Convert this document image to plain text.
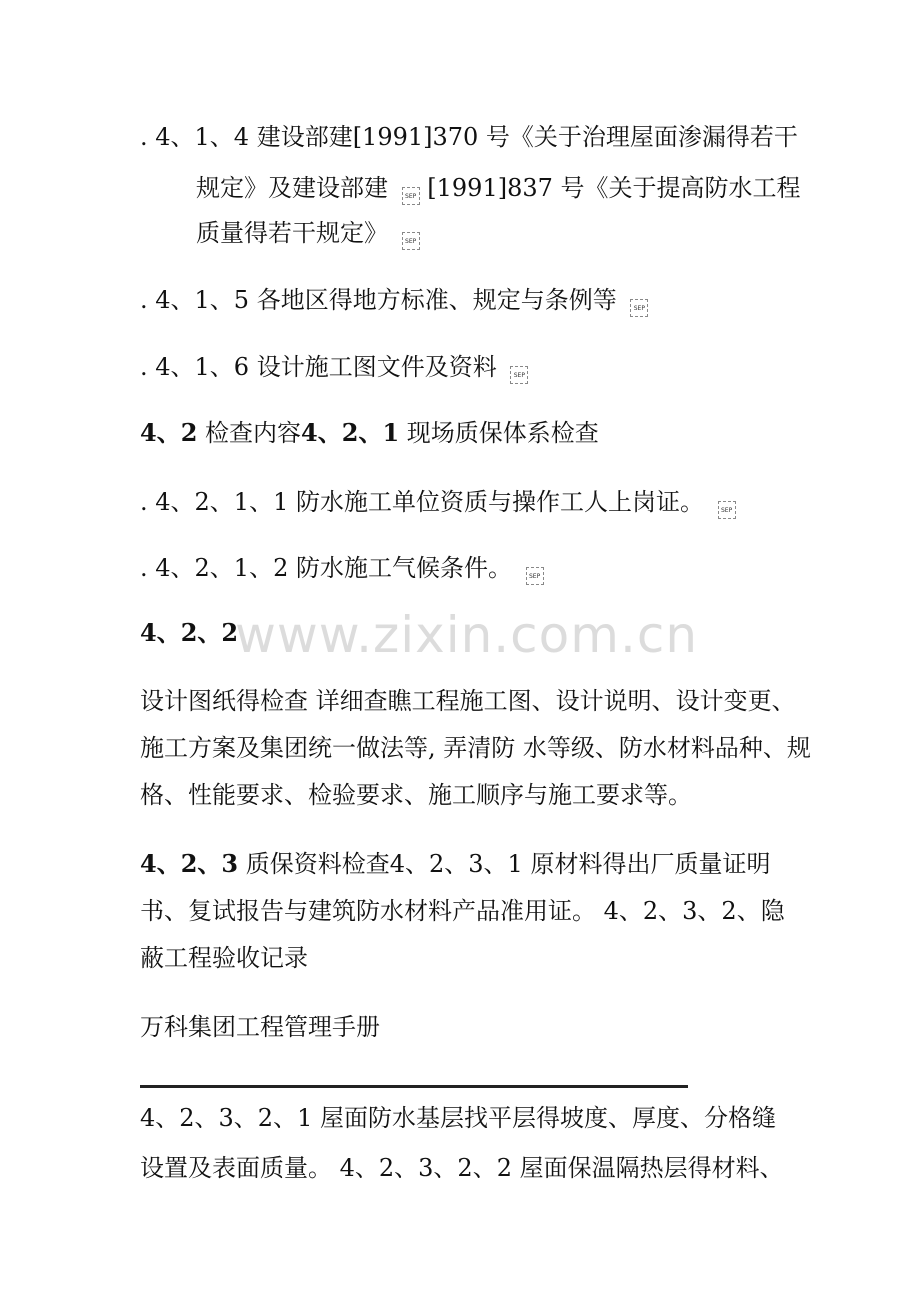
www.zixin.com.cn
. 4、1、4 建设部建[1991]370 号《关于治理屋面渗漏得若干
规定》及建设部建	SEP [1991]837 号《关于提高防水工程
质量得若干规定》	SEP
. 4、1、5 各地区得地方标准、规定与条例等	SEP
. 4、1、6 设计施工图文件及资料	SEP
4、2 检查内容4、2、1 现场质保体系检查
. 4、2、1、1 防水施工单位资质与操作工人上岗证。	SEP
. 4、2、1、2 防水施工气候条件。	SEP
4、2、2
设计图纸得检查 详细查瞧工程施工图、设计说明、设计变更、
施工方案及集团统一做法等, 弄清防 水等级、防水材料品种、规
格、性能要求、检验要求、施工顺序与施工要求等。
4、2、3 质保资料检查4、2、3、1 原材料得出厂质量证明
书、复试报告与建筑防水材料产品准用证。 4、2、3、2、隐
蔽工程验收记录
万科集团工程管理手册
4、2、3、2、1 屋面防水基层找平层得坡度、厚度、分格缝
设置及表面质量。 4、2、3、2、2 屋面保温隔热层得材料、
